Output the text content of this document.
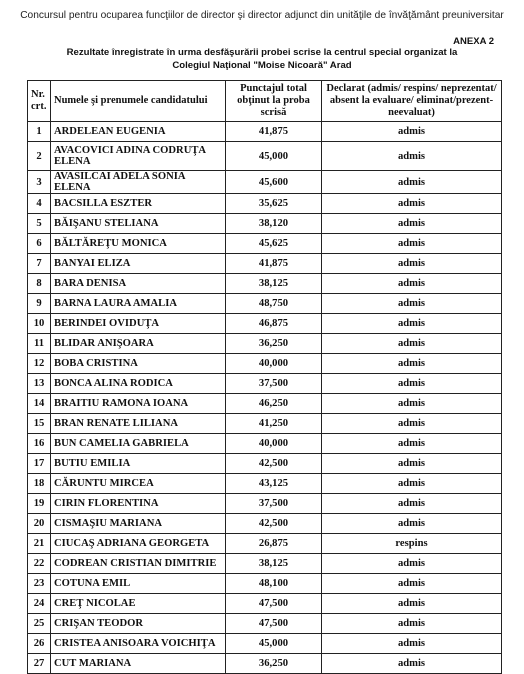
Concursul pentru ocuparea funcţiilor de director şi director adjunct din unităţile de învăţământ preuniversitar
ANEXA 2
Rezultate înregistrate în urma desfăşurării probei scrise la centrul special organizat la
Colegiul Naţional "Moise Nicoară" Arad
Nr. crt.	Numele şi prenumele candidatului	Punctajul total obţinut la proba scrisă	Declarat (admis/ respins/ neprezentat/ absent la evaluare/ eliminat/prezent-neevaluat)
1	ARDELEAN EUGENIA	41,875	admis
2	AVACOVICI ADINA CODRUŢA ELENA	45,000	admis
3	AVASILCAI ADELA SONIA ELENA	45,600	admis
4	BACSILLA ESZTER	35,625	admis
5	BĂIŞANU STELIANA	38,120	admis
6	BĂLTĂREŢU MONICA	45,625	admis
7	BANYAI ELIZA	41,875	admis
8	BARA DENISA	38,125	admis
9	BARNA LAURA AMALIA	48,750	admis
10	BERINDEI OVIDUŢA	46,875	admis
11	BLIDAR ANIŞOARA	36,250	admis
12	BOBA CRISTINA	40,000	admis
13	BONCA ALINA RODICA	37,500	admis
14	BRAITIU RAMONA IOANA	46,250	admis
15	BRAN RENATE LILIANA	41,250	admis
16	BUN CAMELIA GABRIELA	40,000	admis
17	BUTIU EMILIA	42,500	admis
18	CĂRUNTU MIRCEA	43,125	admis
19	CIRIN FLORENTINA	37,500	admis
20	CISMAŞIU MARIANA	42,500	admis
21	CIUCAŞ ADRIANA GEORGETA	26,875	respins
22	CODREAN CRISTIAN DIMITRIE	38,125	admis
23	COTUNA EMIL	48,100	admis
24	CREŢ NICOLAE	47,500	admis
25	CRIŞAN TEODOR	47,500	admis
26	CRISTEA ANISOARA VOICHIŢA	45,000	admis
27	CUT MARIANA	36,250	admis
